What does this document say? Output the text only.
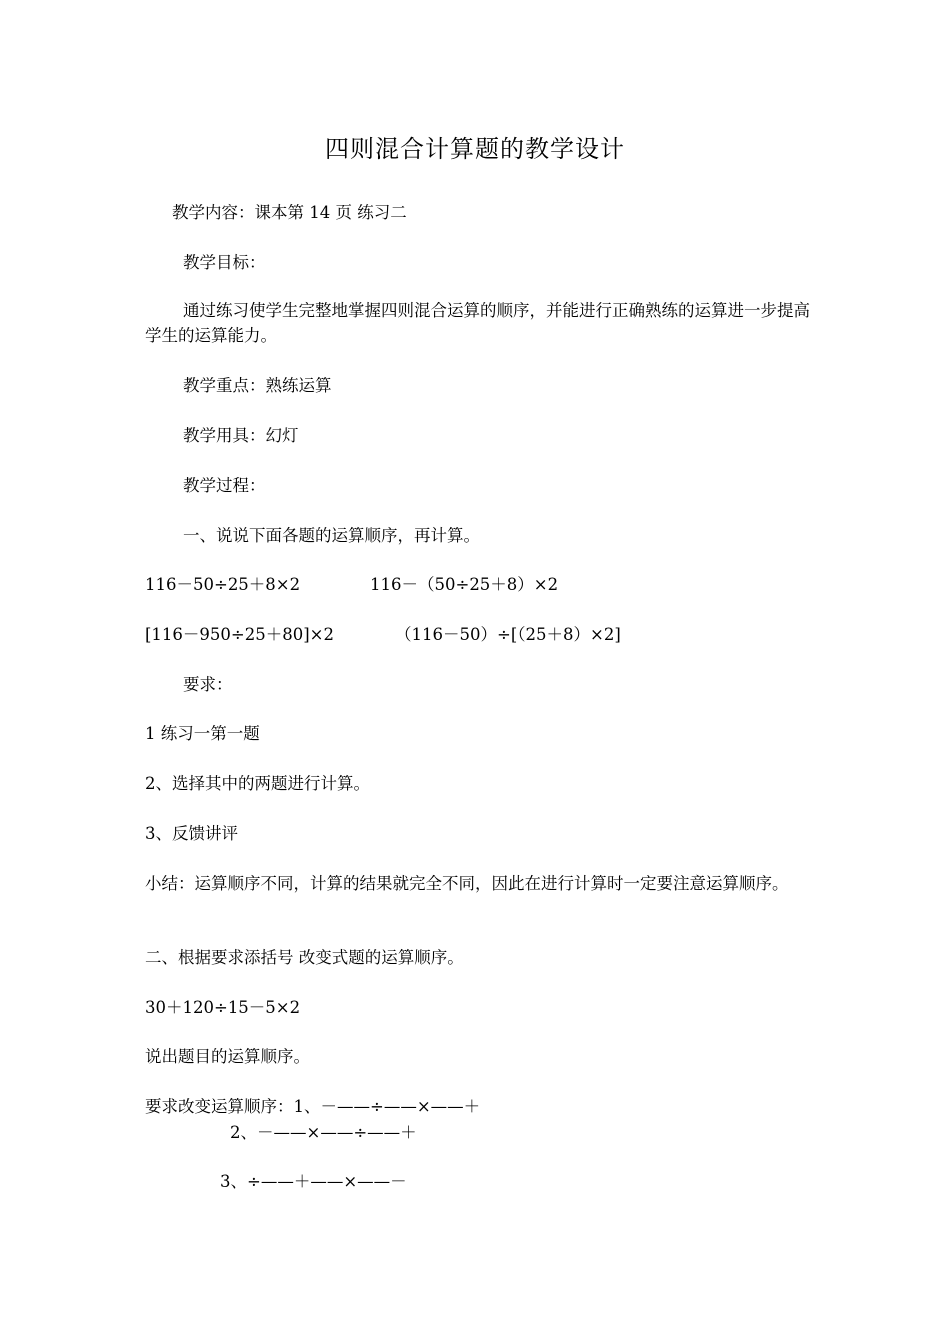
四则混合计算题的教学设计
教学内容：课本第 14 页 练习二
教学目标：
通过练习使学生完整地掌握四则混合运算的顺序，并能进行正确熟练的运算进一步提高学生的运算能力。
教学重点：熟练运算
教学用具：幻灯
教学过程：
一、说说下面各题的运算顺序，再计算。
116－50÷25＋8×2	116－（50÷25＋8）×2
[116－950÷25＋80]×2	（116－50）÷[（25＋8）×2]
要求：
1 练习一第一题
2、选择其中的两题进行计算。
3、反馈讲评
小结：运算顺序不同，计算的结果就完全不同，因此在进行计算时一定要注意运算顺序。
二、根据要求添括号 改变式题的运算顺序。
30＋120÷15－5×2
说出题目的运算顺序。
要求改变运算顺序：1、－——÷——×——＋
2、－——×——÷——＋
3、÷——＋——×——－
